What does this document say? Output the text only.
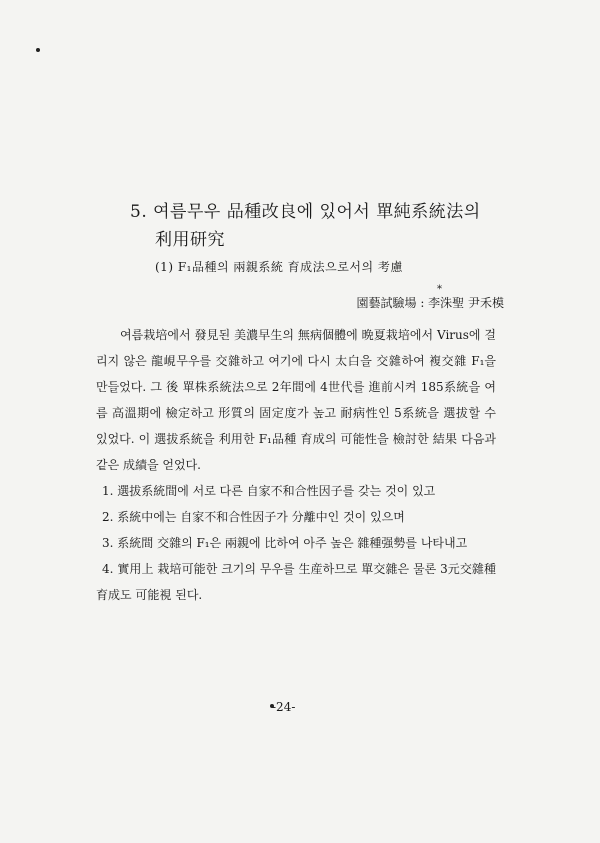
5. 여름무우 品種改良에 있어서 單純系統法의
利用研究
(1) F₁品種의 兩親系統 育成法으로서의 考慮
*
園藝試驗場 : 李洙聖 尹禾模

여름栽培에서 發見된 美濃早生의 無病個體에 晩夏栽培에서 Virus에 걸리지 않은 龍峴무우를 交雜하고 여기에 다시 太白을 交雜하여 複交雜 F₁을 만들었다. 그 後 單株系統法으로 2年間에 4世代를 進前시켜 185系統을 여름 高溫期에 檢定하고 形質의 固定度가 높고 耐病性인 5系統을 選拔할 수 있었다. 이 選拔系統을 利用한 F₁品種 育成의 可能性을 檢討한 結果 다음과 같은 成績을 얻었다.

1. 選拔系統間에 서로 다른 自家不和合性因子를 갖는 것이 있고

2. 系統中에는 自家不和合性因子가 分離中인 것이 있으며

3. 系統間 交雜의 F₁은 兩親에 比하여 아주 높은 雜種强勢를 나타내고

4. 實用上 栽培可能한 크기의 무우를 生産하므로 單交雜은 물론 3元交雜種 育成도 可能視 된다.

-24-
